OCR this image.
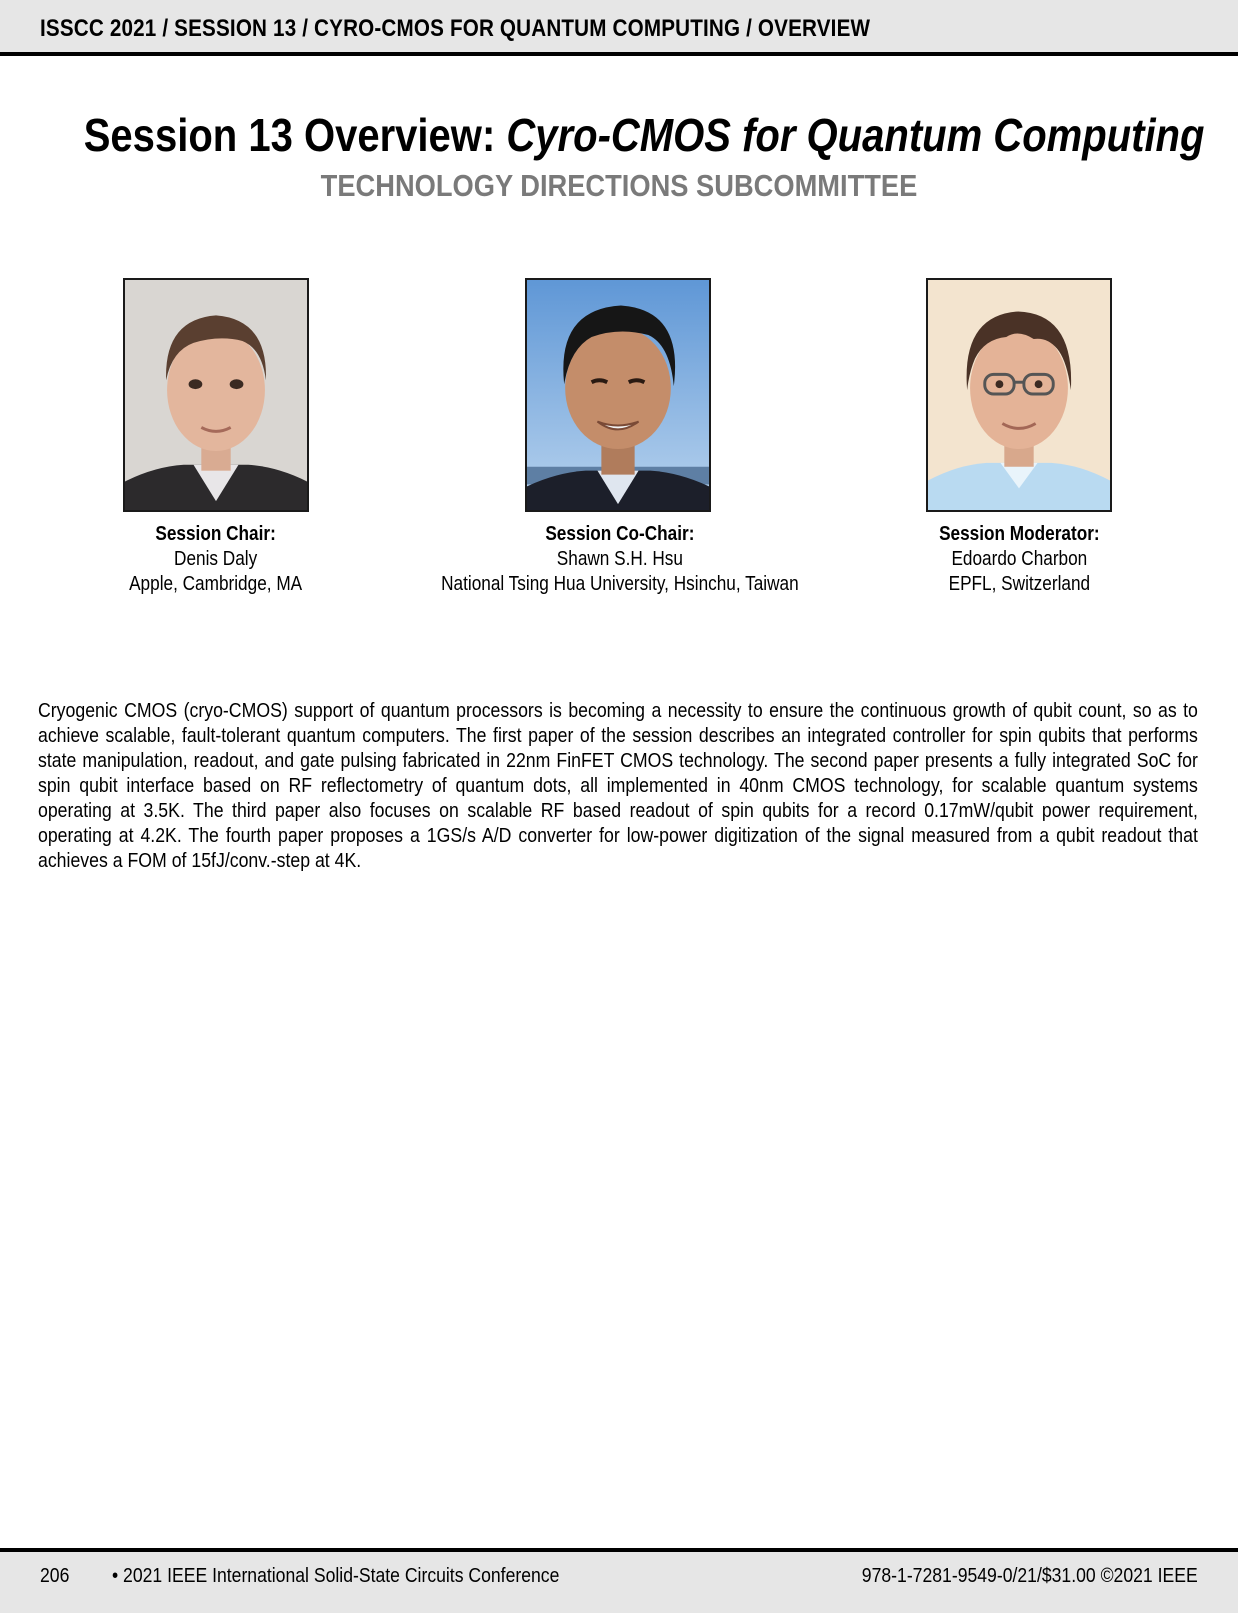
ISSCC 2021 / SESSION 13 / CYRO-CMOS FOR QUANTUM COMPUTING / OVERVIEW
Session 13 Overview: Cyro-CMOS for Quantum Computing
TECHNOLOGY DIRECTIONS SUBCOMMITTEE
Session Chair:
Denis Daly
Apple, Cambridge, MA
Session Co-Chair:
Shawn S.H. Hsu
National Tsing Hua University, Hsinchu, Taiwan
Session Moderator:
Edoardo Charbon
EPFL, Switzerland
Cryogenic CMOS (cryo-CMOS) support of quantum processors is becoming a necessity to ensure the continuous growth of qubit count, so as to achieve scalable, fault-tolerant quantum computers. The first paper of the session describes an integrated controller for spin qubits that performs state manipulation, readout, and gate pulsing fabricated in 22nm FinFET CMOS technology. The second paper presents a fully integrated SoC for spin qubit interface based on RF reflectometry of quantum dots, all implemented in 40nm CMOS technology, for scalable quantum systems operating at 3.5K. The third paper also focuses on scalable RF based readout of spin qubits for a record 0.17mW/qubit power requirement, operating at 4.2K. The fourth paper proposes a 1GS/s A/D converter for low-power digitization of the signal measured from a qubit readout that achieves a FOM of 15fJ/conv.-step at 4K.
206 • 2021 IEEE International Solid-State Circuits Conference	978-1-7281-9549-0/21/$31.00 ©2021 IEEE
